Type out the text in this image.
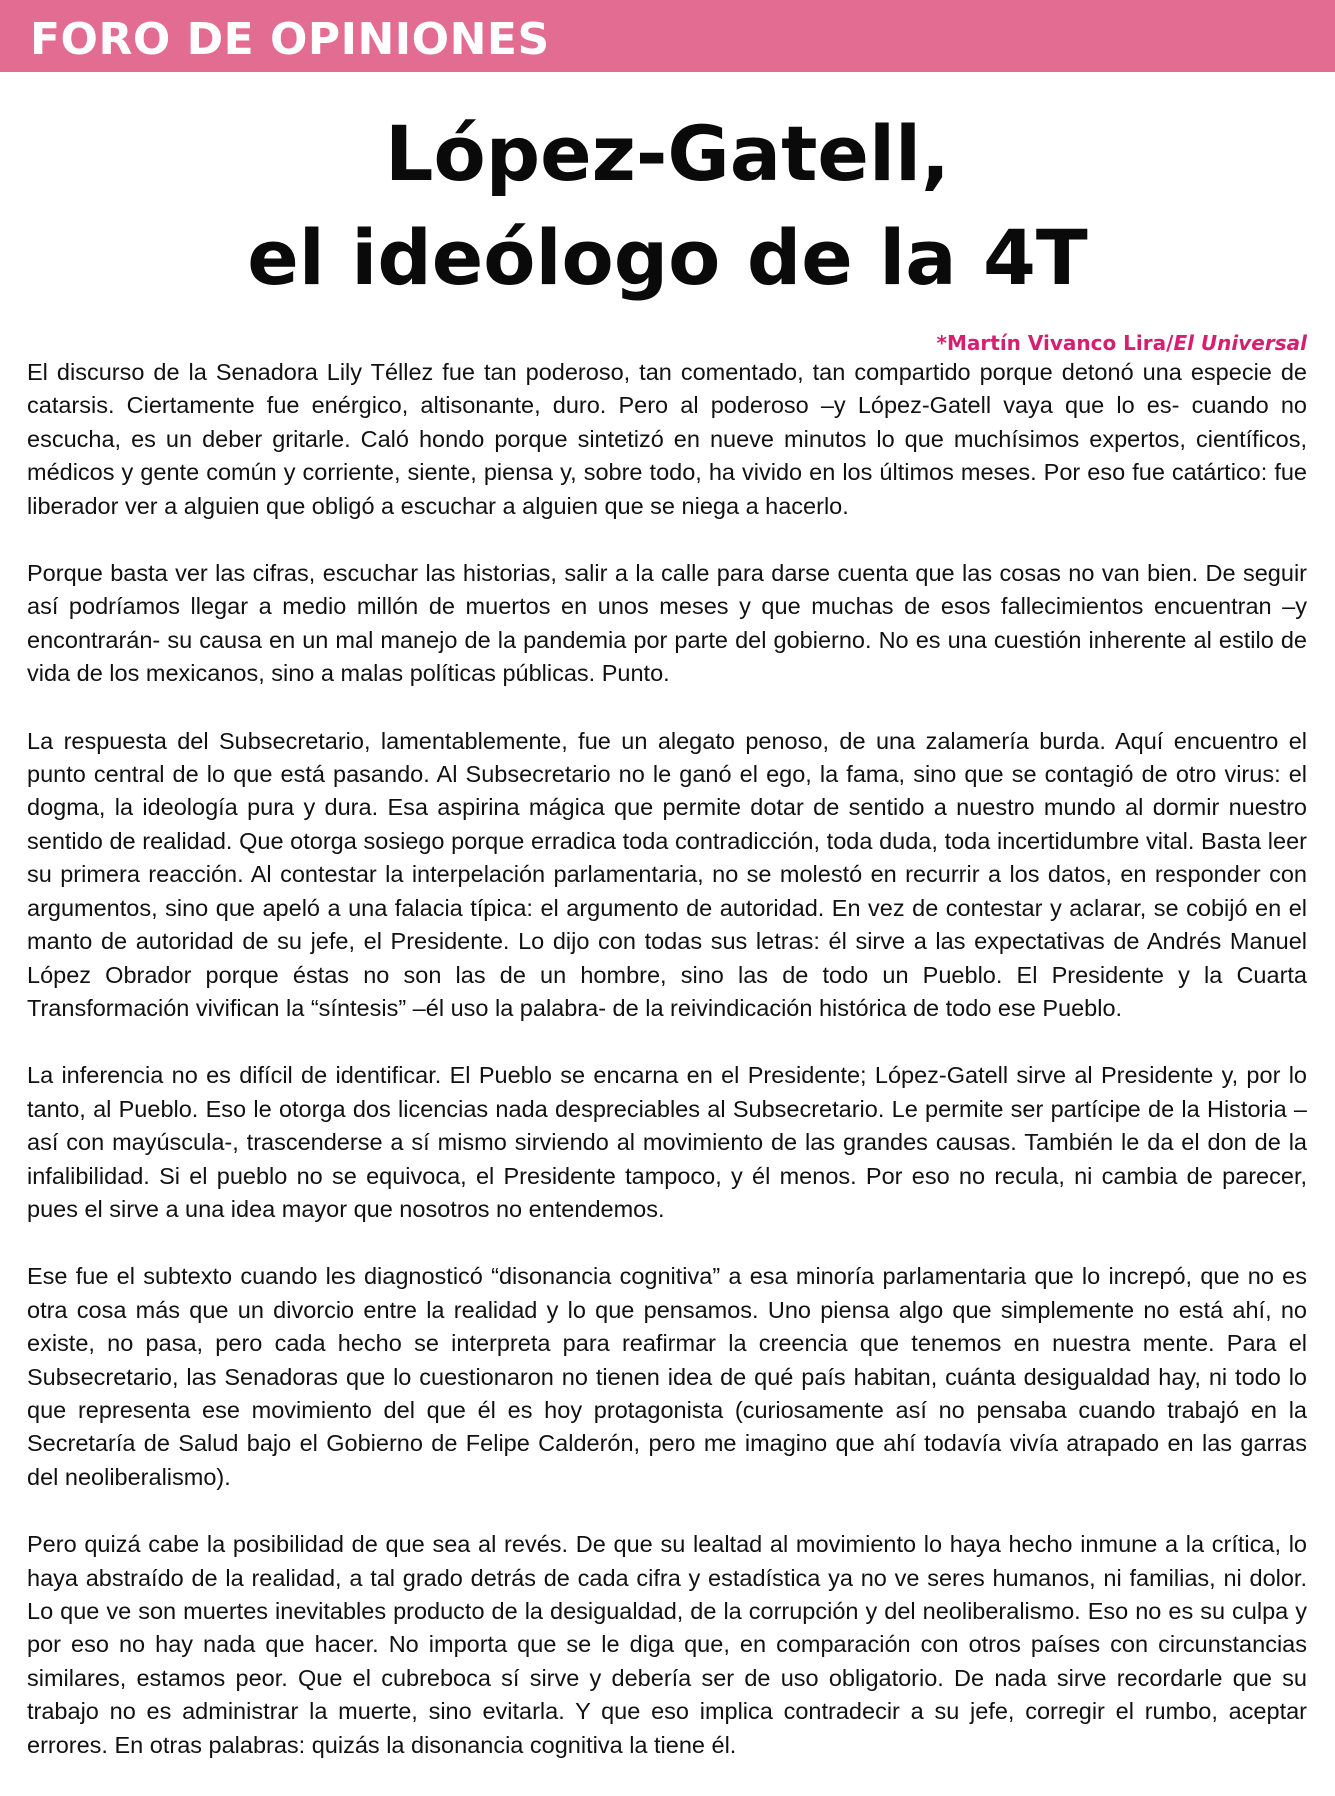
FORO DE OPINIONES
López-Gatell,
el ideólogo de la 4T
*Martín Vivanco Lira/El Universal

El discurso de la Senadora Lily Téllez fue tan poderoso, tan comentado, tan compartido porque detonó una especie de catarsis. Ciertamente fue enérgico, altisonante, duro. Pero al poderoso –y López-Gatell vaya que lo es- cuando no escucha, es un deber gritarle. Caló hondo porque sintetizó en nueve minutos lo que muchísimos expertos, científicos, médicos y gente común y corriente, siente, piensa y, sobre todo, ha vivido en los últimos meses. Por eso fue catártico: fue liberador ver a alguien que obligó a escuchar a alguien que se niega a hacerlo.

Porque basta ver las cifras, escuchar las historias, salir a la calle para darse cuenta que las cosas no van bien. De seguir así podríamos llegar a medio millón de muertos en unos meses y que muchas de esos fallecimientos encuentran –y encontrarán- su causa en un mal manejo de la pandemia por parte del gobierno. No es una cuestión inherente al estilo de vida de los mexicanos, sino a malas políticas públicas. Punto.

La respuesta del Subsecretario, lamentablemente, fue un alegato penoso, de una zalamería burda. Aquí encuentro el punto central de lo que está pasando. Al Subsecretario no le ganó el ego, la fama, sino que se contagió de otro virus: el dogma, la ideología pura y dura. Esa aspirina mágica que permite dotar de sentido a nuestro mundo al dormir nuestro sentido de realidad. Que otorga sosiego porque erradica toda contradicción, toda duda, toda incertidumbre vital. Basta leer su primera reacción. Al contestar la interpelación parlamentaria, no se molestó en recurrir a los datos, en responder con argumentos, sino que apeló a una falacia típica: el argumento de autoridad. En vez de contestar y aclarar, se cobijó en el manto de autoridad de su jefe, el Presidente. Lo dijo con todas sus letras: él sirve a las expectativas de Andrés Manuel López Obrador porque éstas no son las de un hombre, sino las de todo un Pueblo. El Presidente y la Cuarta Transformación vivifican la “síntesis” –él uso la palabra- de la reivindicación histórica de todo ese Pueblo.

La inferencia no es difícil de identificar. El Pueblo se encarna en el Presidente; López-Gatell sirve al Presidente y, por lo tanto, al Pueblo. Eso le otorga dos licencias nada despreciables al Subsecretario. Le permite ser partícipe de la Historia –así con mayúscula-, trascenderse a sí mismo sirviendo al movimiento de las grandes causas. También le da el don de la infalibilidad. Si el pueblo no se equivoca, el Presidente tampoco, y él menos. Por eso no recula, ni cambia de parecer, pues el sirve a una idea mayor que nosotros no entendemos.

Ese fue el subtexto cuando les diagnosticó “disonancia cognitiva” a esa minoría parlamentaria que lo increpó, que no es otra cosa más que un divorcio entre la realidad y lo que pensamos. Uno piensa algo que simplemente no está ahí, no existe, no pasa, pero cada hecho se interpreta para reafirmar la creencia que tenemos en nuestra mente. Para el Subsecretario, las Senadoras que lo cuestionaron no tienen idea de qué país habitan, cuánta desigualdad hay, ni todo lo que representa ese movimiento del que él es hoy protagonista (curiosamente así no pensaba cuando trabajó en la Secretaría de Salud bajo el Gobierno de Felipe Calderón, pero me imagino que ahí todavía vivía atrapado en las garras del neoliberalismo).

Pero quizá cabe la posibilidad de que sea al revés. De que su lealtad al movimiento lo haya hecho inmune a la crítica, lo haya abstraído de la realidad, a tal grado detrás de cada cifra y estadística ya no ve seres humanos, ni familias, ni dolor. Lo que ve son muertes inevitables producto de la desigualdad, de la corrupción y del neoliberalismo. Eso no es su culpa y por eso no hay nada que hacer. No importa que se le diga que, en comparación con otros países con circunstancias similares, estamos peor. Que el cubreboca sí sirve y debería ser de uso obligatorio. De nada sirve recordarle que su trabajo no es administrar la muerte, sino evitarla. Y que eso implica contradecir a su jefe, corregir el rumbo, aceptar errores. En otras palabras: quizás la disonancia cognitiva la tiene él.
